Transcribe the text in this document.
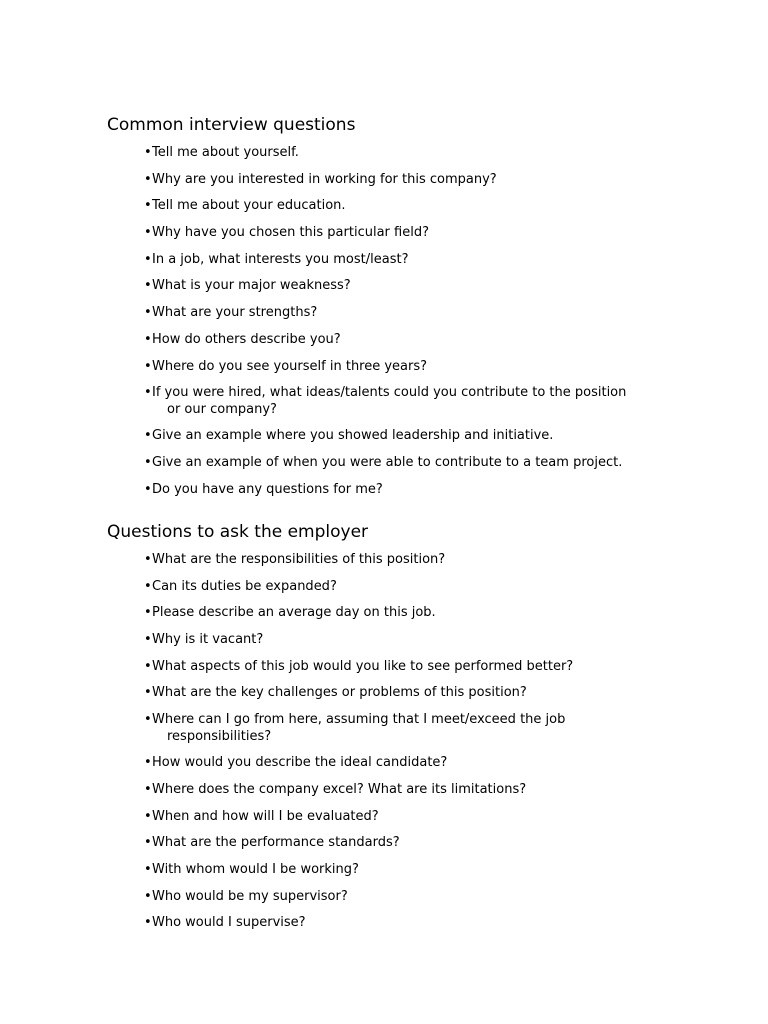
Common interview questions
• Tell me about yourself.
• Why are you interested in working for this company?
• Tell me about your education.
• Why have you chosen this particular field?
• In a job, what interests you most/least?
• What is your major weakness?
• What are your strengths?
• How do others describe you?
• Where do you see yourself in three years?
• If you were hired, what ideas/talents could you contribute to the position
or our company?
• Give an example where you showed leadership and initiative.
• Give an example of when you were able to contribute to a team project.
• Do you have any questions for me?
Questions to ask the employer
• What are the responsibilities of this position?
• Can its duties be expanded?
• Please describe an average day on this job.
• Why is it vacant?
• What aspects of this job would you like to see performed better?
• What are the key challenges or problems of this position?
• Where can I go from here, assuming that I meet/exceed the job
responsibilities?
• How would you describe the ideal candidate?
• Where does the company excel? What are its limitations?
• When and how will I be evaluated?
• What are the performance standards?
• With whom would I be working?
• Who would be my supervisor?
• Who would I supervise?
